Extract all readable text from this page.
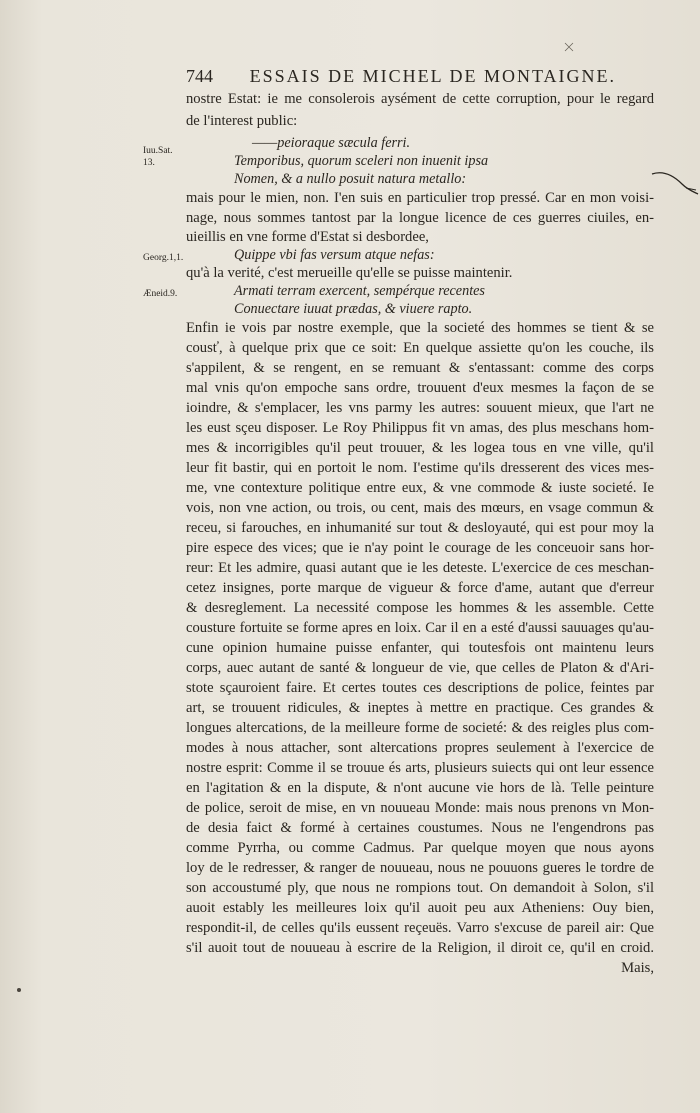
744 ESSAIS DE MICHEL DE MONTAIGNE.
Iuu.Sat.
13.
Georg.1,1.
Æneid.9.
nostre Estat: ie me consolerois aysément de cette corruption, pour le regard
de l'interest public:
——peioraque sæcula ferri.
Temporibus, quorum sceleri non inuenit ipsa
Nomen, & a nullo posuit natura metallo:
mais pour le mien, non. I'en suis en particulier trop pressé. Car en mon voisi-
nage, nous sommes tantost par la longue licence de ces guerres ciuiles, en-
uieillis en vne forme d'Estat si desbordee,
Quippe vbi fas versum atque nefas:
qu'à la verité, c'est merueille qu'elle se puisse maintenir.
Armati terram exercent, sempérque recentes
Conuectare iuuat prædas, & viuere rapto.
Enfin ie vois par nostre exemple, que la societé des hommes se tient & se
cousť, à quelque prix que ce soit: En quelque assiette qu'on les couche, ils
s'appilent, & se rengent, en se remuant & s'entassant: comme des corps
mal vnis qu'on empoche sans ordre, trouuent d'eux mesmes la façon de se
ioindre, & s'emplacer, les vns parmy les autres: souuent mieux, que l'art ne
les eust sçeu disposer. Le Roy Philippus fit vn amas, des plus meschans hom-
mes & incorrigibles qu'il peut trouuer, & les logea tous en vne ville, qu'il
leur fit bastir, qui en portoit le nom. I'estime qu'ils dresserent des vices mes-
me, vne contexture politique entre eux, & vne commode & iuste societé. Ie
vois, non vne action, ou trois, ou cent, mais des mœurs, en vsage commun &
receu, si farouches, en inhumanité sur tout & desloyauté, qui est pour moy la
pire espece des vices; que ie n'ay point le courage de les conceuoir sans hor-
reur: Et les admire, quasi autant que ie les deteste. L'exercice de ces meschan-
cetez insignes, porte marque de vigueur & force d'ame, autant que d'erreur
& desreglement. La necessité compose les hommes & les assemble. Cette
cousture fortuite se forme apres en loix. Car il en a esté d'aussi sauuages qu'au-
cune opinion humaine puisse enfanter, qui toutesfois ont maintenu leurs
corps, auec autant de santé & longueur de vie, que celles de Platon & d'Ari-
stote sçauroient faire. Et certes toutes ces descriptions de police, feintes par
art, se trouuent ridicules, & ineptes à mettre en practique. Ces grandes &
longues altercations, de la meilleure forme de societé: & des reigles plus com-
modes à nous attacher, sont altercations propres seulement à l'exercice de
nostre esprit: Comme il se trouue és arts, plusieurs suiects qui ont leur essence
en l'agitation & en la dispute, & n'ont aucune vie hors de là. Telle peinture
de police, seroit de mise, en vn nouueau Monde: mais nous prenons vn Mon-
de desia faict & formé à certaines coustumes. Nous ne l'engendrons pas
comme Pyrrha, ou comme Cadmus. Par quelque moyen que nous ayons
loy de le redresser, & ranger de nouueau, nous ne pouuons gueres le tordre de
son accoustumé ply, que nous ne rompions tout. On demandoit à Solon, s'il
auoit estably les meilleures loix qu'il auoit peu aux Atheniens: Ouy bien,
respondit-il, de celles qu'ils eussent reçeuës. Varro s'excuse de pareil air: Que
s'il auoit tout de nouueau à escrire de la Religion, il diroit ce, qu'il en croid.
Mais,
